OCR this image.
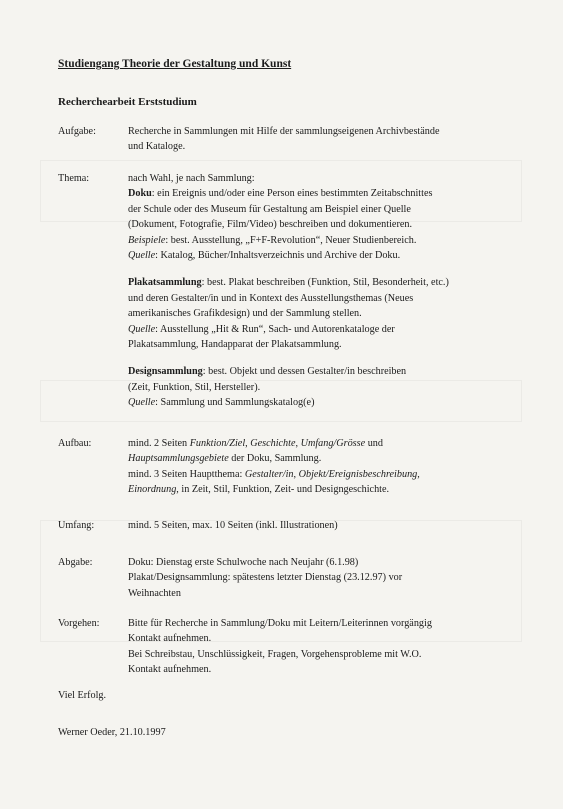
Studiengang Theorie der Gestaltung und Kunst
Recherchearbeit Erststudium
Aufgabe:	Recherche in Sammlungen mit Hilfe der sammlungseigenen Archivbestände
und Kataloge.
Thema:	nach Wahl, je nach Sammlung:
Doku: ein Ereignis und/oder eine Person eines bestimmten Zeitabschnittes
der Schule oder des Museum für Gestaltung am Beispiel einer Quelle
(Dokument, Fotografie, Film/Video) beschreiben und dokumentieren.
Beispiele: best. Ausstellung, „F+F-Revolution“, Neuer Studienbereich.
Quelle: Katalog, Bücher/Inhaltsverzeichnis und Archive der Doku.
Plakatsammlung: best. Plakat beschreiben (Funktion, Stil, Besonderheit, etc.)
und deren Gestalter/in und in Kontext des Ausstellungsthemas (Neues
amerikanisches Grafikdesign) und der Sammlung stellen.
Quelle: Ausstellung „Hit & Run“, Sach- und Autorenkataloge der
Plakatsammlung, Handapparat der Plakatsammlung.
Designsammlung: best. Objekt und dessen Gestalter/in beschreiben
(Zeit, Funktion, Stil, Hersteller).
Quelle: Sammlung und Sammlungskatalog(e)
Aufbau:	mind. 2 Seiten Funktion/Ziel, Geschichte, Umfang/Grösse und
Hauptsammlungsgebiete der Doku, Sammlung.
mind. 3 Seiten Hauptthema: Gestalter/in, Objekt/Ereignisbeschreibung,
Einordnung, in Zeit, Stil, Funktion, Zeit- und Designgeschichte.
Umfang:	mind. 5 Seiten, max. 10 Seiten (inkl. Illustrationen)
Abgabe:	Doku: Dienstag erste Schulwoche nach Neujahr (6.1.98)
Plakat/Designsammlung: spätestens letzter Dienstag (23.12.97) vor
Weihnachten
Vorgehen:	Bitte für Recherche in Sammlung/Doku mit Leitern/Leiterinnen vorgängig
Kontakt aufnehmen.
Bei Schreibstau, Unschlüssigkeit, Fragen, Vorgehensprobleme mit W.O.
Kontakt aufnehmen.
Viel Erfolg.
Werner Oeder, 21.10.1997
